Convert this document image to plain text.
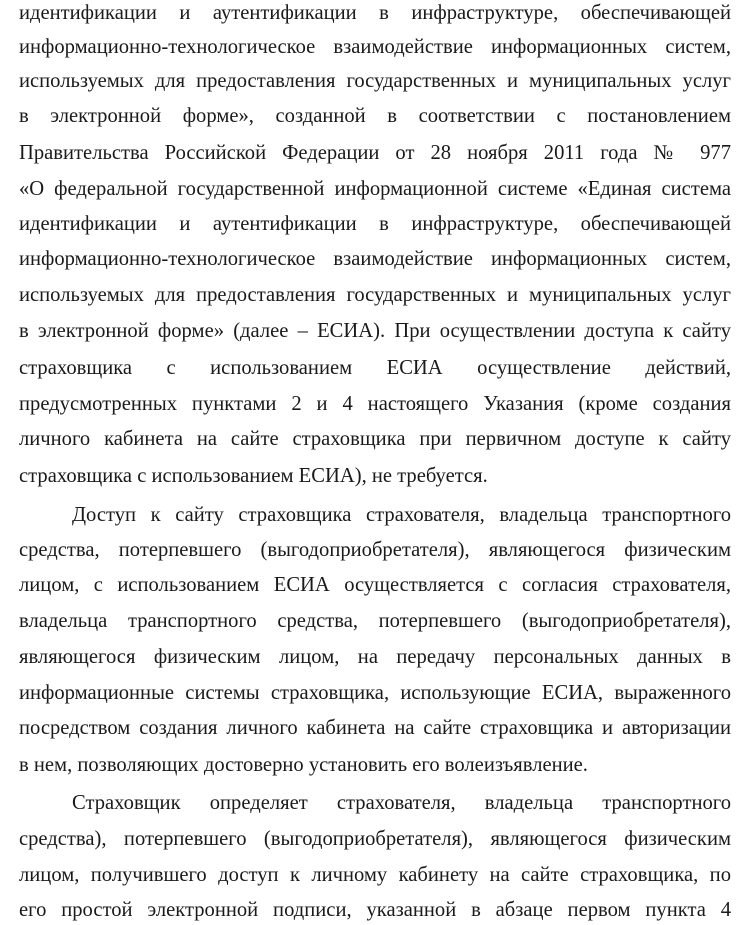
идентификации и аутентификации в инфраструктуре, обеспечивающей
информационно-технологическое взаимодействие информационных систем,
используемых для предоставления государственных и муниципальных услуг
в электронной форме», созданной в соответствии с постановлением
Правительства Российской Федерации от 28 ноября 2011 года № 977
«О федеральной государственной информационной системе «Единая система
идентификации и аутентификации в инфраструктуре, обеспечивающей
информационно-технологическое взаимодействие информационных систем,
используемых для предоставления государственных и муниципальных услуг
в электронной форме» (далее – ЕСИА). При осуществлении доступа к сайту
страховщика с использованием ЕСИА осуществление действий,
предусмотренных пунктами 2 и 4 настоящего Указания (кроме создания
личного кабинета на сайте страховщика при первичном доступе к сайту
страховщика с использованием ЕСИА), не требуется.
Доступ к сайту страховщика страхователя, владельца транспортного
средства, потерпевшего (выгодоприобретателя), являющегося физическим
лицом, с использованием ЕСИА осуществляется с согласия страхователя,
владельца транспортного средства, потерпевшего (выгодоприобретателя),
являющегося физическим лицом, на передачу персональных данных в
информационные системы страховщика, использующие ЕСИА, выраженного
посредством создания личного кабинета на сайте страховщика и авторизации
в нем, позволяющих достоверно установить его волеизъявление.
Страховщик определяет страхователя, владельца транспортного
средства), потерпевшего (выгодоприобретателя), являющегося физическим
лицом, получившего доступ к личному кабинету на сайте страховщика, по
его простой электронной подписи, указанной в абзаце первом пункта 4
